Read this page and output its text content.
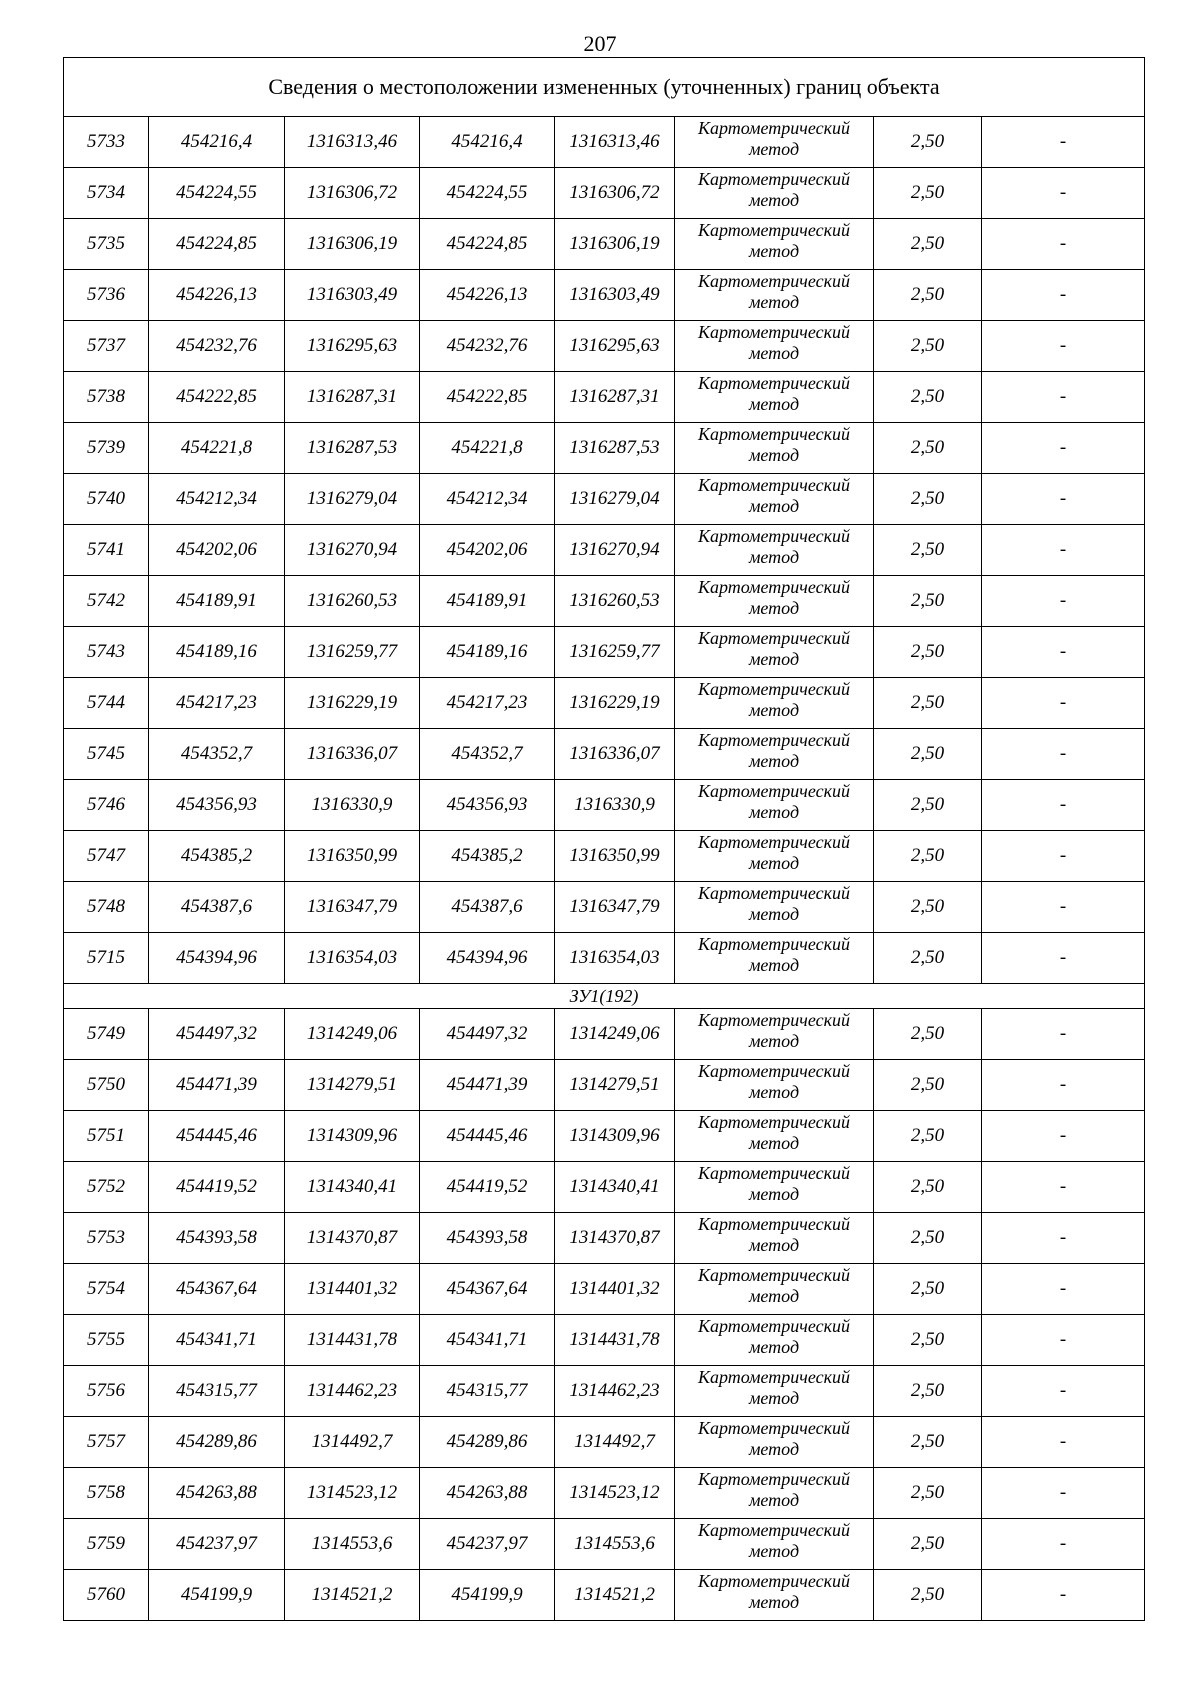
207
Сведения о местоположении измененных (уточненных) границ объекта							
5733	454216,4	1316313,46	454216,4	1316313,46	Картометрический
метод	2,50	-
5734	454224,55	1316306,72	454224,55	1316306,72	Картометрический
метод	2,50	-
5735	454224,85	1316306,19	454224,85	1316306,19	Картометрический
метод	2,50	-
5736	454226,13	1316303,49	454226,13	1316303,49	Картометрический
метод	2,50	-
5737	454232,76	1316295,63	454232,76	1316295,63	Картометрический
метод	2,50	-
5738	454222,85	1316287,31	454222,85	1316287,31	Картометрический
метод	2,50	-
5739	454221,8	1316287,53	454221,8	1316287,53	Картометрический
метод	2,50	-
5740	454212,34	1316279,04	454212,34	1316279,04	Картометрический
метод	2,50	-
5741	454202,06	1316270,94	454202,06	1316270,94	Картометрический
метод	2,50	-
5742	454189,91	1316260,53	454189,91	1316260,53	Картометрический
метод	2,50	-
5743	454189,16	1316259,77	454189,16	1316259,77	Картометрический
метод	2,50	-
5744	454217,23	1316229,19	454217,23	1316229,19	Картометрический
метод	2,50	-
5745	454352,7	1316336,07	454352,7	1316336,07	Картометрический
метод	2,50	-
5746	454356,93	1316330,9	454356,93	1316330,9	Картометрический
метод	2,50	-
5747	454385,2	1316350,99	454385,2	1316350,99	Картометрический
метод	2,50	-
5748	454387,6	1316347,79	454387,6	1316347,79	Картометрический
метод	2,50	-
5715	454394,96	1316354,03	454394,96	1316354,03	Картометрический
метод	2,50	-
ЗУ1(192)							
5749	454497,32	1314249,06	454497,32	1314249,06	Картометрический
метод	2,50	-
5750	454471,39	1314279,51	454471,39	1314279,51	Картометрический
метод	2,50	-
5751	454445,46	1314309,96	454445,46	1314309,96	Картометрический
метод	2,50	-
5752	454419,52	1314340,41	454419,52	1314340,41	Картометрический
метод	2,50	-
5753	454393,58	1314370,87	454393,58	1314370,87	Картометрический
метод	2,50	-
5754	454367,64	1314401,32	454367,64	1314401,32	Картометрический
метод	2,50	-
5755	454341,71	1314431,78	454341,71	1314431,78	Картометрический
метод	2,50	-
5756	454315,77	1314462,23	454315,77	1314462,23	Картометрический
метод	2,50	-
5757	454289,86	1314492,7	454289,86	1314492,7	Картометрический
метод	2,50	-
5758	454263,88	1314523,12	454263,88	1314523,12	Картометрический
метод	2,50	-
5759	454237,97	1314553,6	454237,97	1314553,6	Картометрический
метод	2,50	-
5760	454199,9	1314521,2	454199,9	1314521,2	Картометрический
метод	2,50	-
